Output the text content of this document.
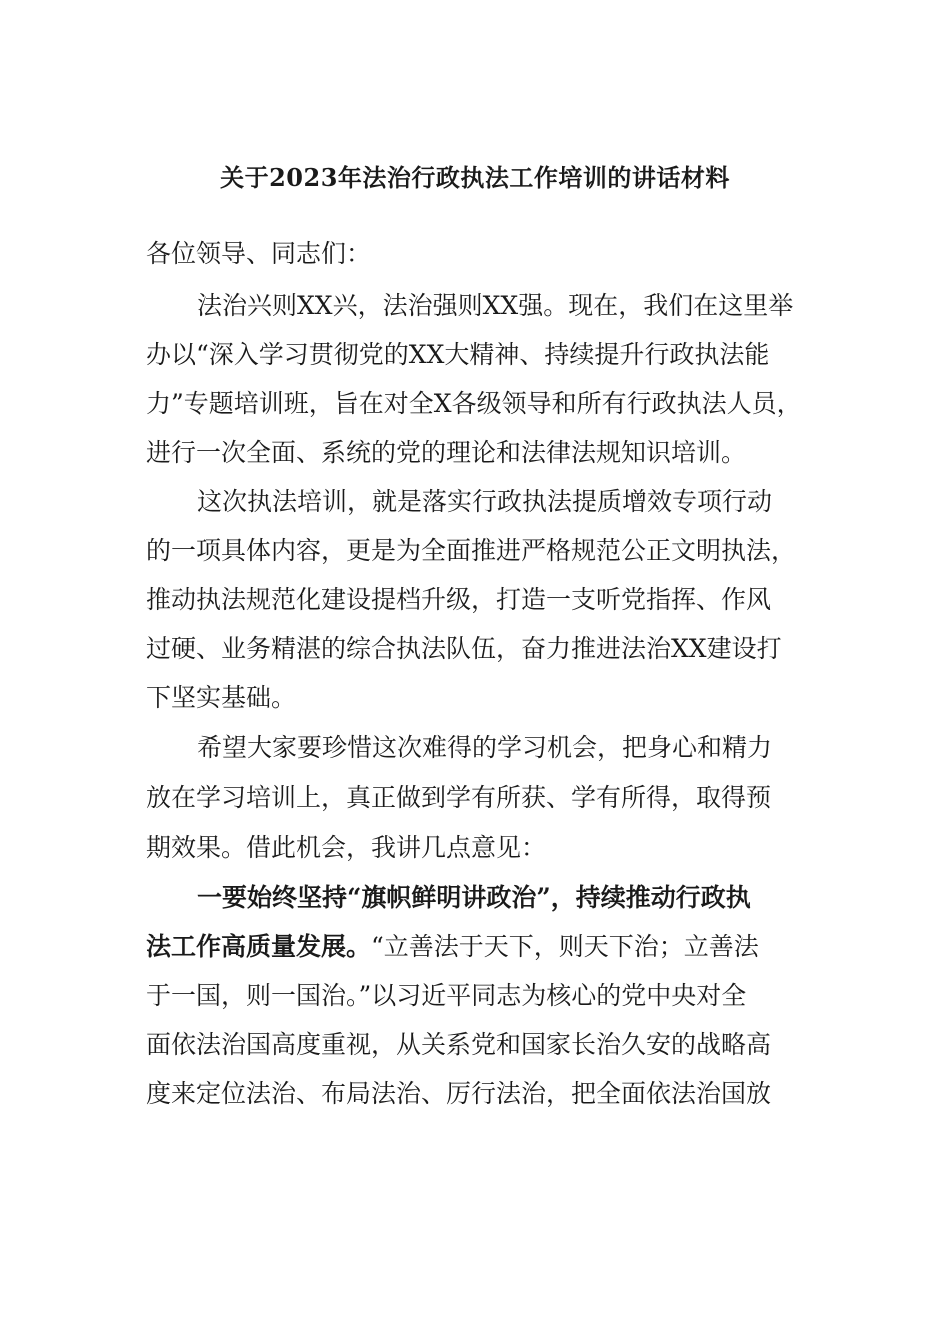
关于2023年法治行政执法工作培训的讲话材料

各位领导、同志们：

法治兴则XX兴，法治强则XX强。现在，我们在这里举

办以“深入学习贯彻党的XX大精神、持续提升行政执法能

力”专题培训班，旨在对全X各级领导和所有行政执法人员，

进行一次全面、系统的党的理论和法律法规知识培训。

这次执法培训，就是落实行政执法提质增效专项行动

的一项具体内容，更是为全面推进严格规范公正文明执法，

推动执法规范化建设提档升级，打造一支听党指挥、作风

过硬、业务精湛的综合执法队伍，奋力推进法治XX建设打

下坚实基础。

希望大家要珍惜这次难得的学习机会，把身心和精力

放在学习培训上，真正做到学有所获、学有所得，取得预

期效果。借此机会，我讲几点意见：

一要始终坚持“旗帜鲜明讲政治”，持续推动行政执

法工作高质量发展。“立善法于天下，则天下治；立善法

于一国，则一国治。”以习近平同志为核心的党中央对全

面依法治国高度重视，从关系党和国家长治久安的战略高

度来定位法治、布局法治、厉行法治，把全面依法治国放
